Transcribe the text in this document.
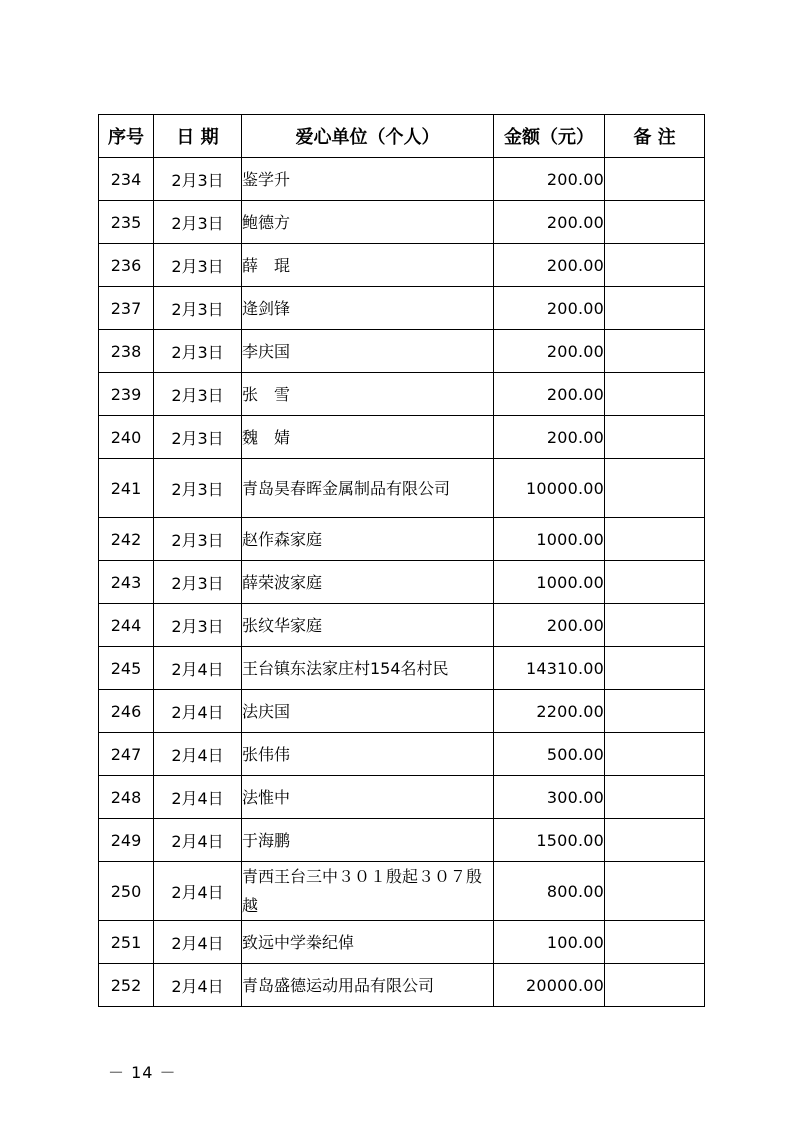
序号	日 期	爱心单位（个人）	金额（元）	备 注
234	2月3日	鉴学升	200.00	
235	2月3日	鲍德方	200.00	
236	2月3日	薛　琨	200.00	
237	2月3日	逄剑锋	200.00	
238	2月3日	李庆国	200.00	
239	2月3日	张　雪	200.00	
240	2月3日	魏　婧	200.00	
241	2月3日	青岛昊春晖金属制品有限公司	10000.00	
242	2月3日	赵作森家庭	1000.00	
243	2月3日	薛荣波家庭	1000.00	
244	2月3日	张纹华家庭	200.00	
245	2月4日	王台镇东法家庄村154名村民	14310.00	
246	2月4日	法庆国	2200.00	
247	2月4日	张伟伟	500.00	
248	2月4日	法惟中	300.00	
249	2月4日	于海鹏	1500.00	
250	2月4日	青西王台三中３０１殷起３０７殷越	800.00	
251	2月4日	致远中学桊纪倬	100.00	
252	2月4日	青岛盛德运动用品有限公司	20000.00	
－ 14 －
